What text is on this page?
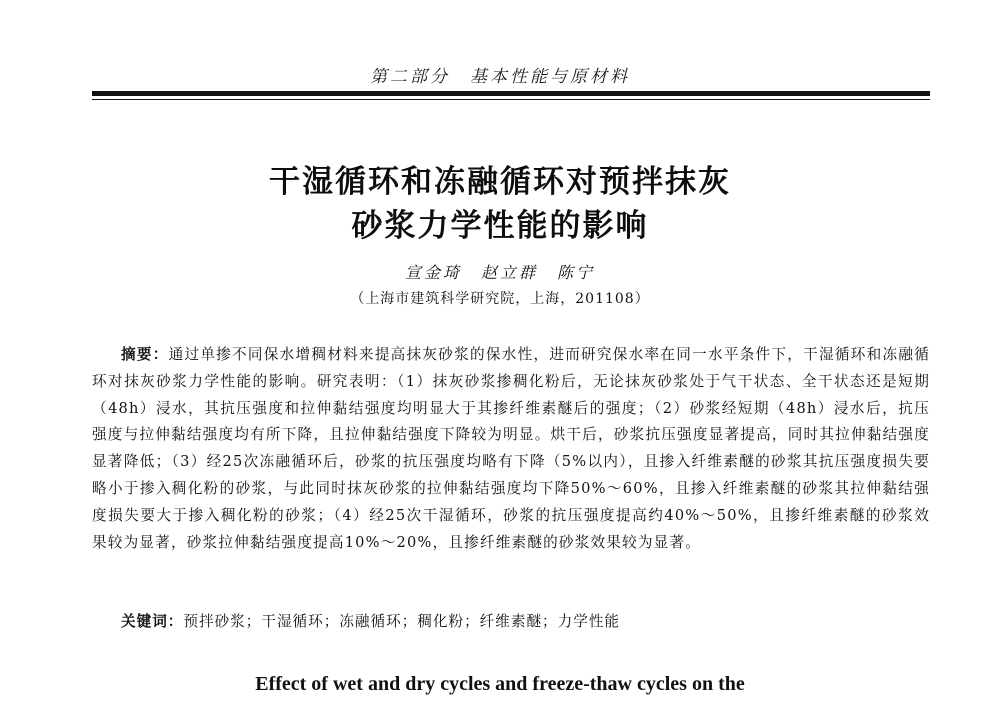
第二部分　基本性能与原材料
干湿循环和冻融循环对预拌抹灰
砂浆力学性能的影响
宣金琦　赵立群　陈宁
（上海市建筑科学研究院，上海，201108）
摘要：通过单掺不同保水增稠材料来提高抹灰砂浆的保水性，进而研究保水率在同一水平条件下，干湿循环和冻融循环对抹灰砂浆力学性能的影响。研究表明：（1）抹灰砂浆掺稠化粉后，无论抹灰砂浆处于气干状态、全干状态还是短期（48h）浸水，其抗压强度和拉伸黏结强度均明显大于其掺纤维素醚后的强度；（2）砂浆经短期（48h）浸水后，抗压强度与拉伸黏结强度均有所下降，且拉伸黏结强度下降较为明显。烘干后，砂浆抗压强度显著提高，同时其拉伸黏结强度显著降低；（3）经25次冻融循环后，砂浆的抗压强度均略有下降（5%以内），且掺入纤维素醚的砂浆其抗压强度损失要略小于掺入稠化粉的砂浆，与此同时抹灰砂浆的拉伸黏结强度均下降50%～60%，且掺入纤维素醚的砂浆其拉伸黏结强度损失要大于掺入稠化粉的砂浆；（4）经25次干湿循环，砂浆的抗压强度提高约40%～50%，且掺纤维素醚的砂浆效果较为显著，砂浆拉伸黏结强度提高10%～20%，且掺纤维素醚的砂浆效果较为显著。
关键词：预拌砂浆；干湿循环；冻融循环；稠化粉；纤维素醚；力学性能
Effect of wet and dry cycles and freeze-thaw cycles on the
